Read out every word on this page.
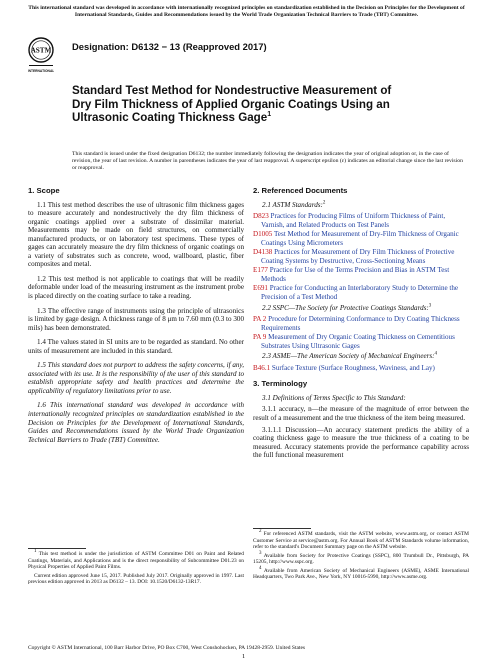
This international standard was developed in accordance with internationally recognized principles on standardization established in the Decision on Principles for the Development of International Standards, Guides and Recommendations issued by the World Trade Organization Technical Barriers to Trade (TBT) Committee.
ASTM
INTERNATIONAL
Designation: D6132 − 13 (Reapproved 2017)
Standard Test Method for Nondestructive Measurement of Dry Film Thickness of Applied Organic Coatings Using an Ultrasonic Coating Thickness Gage$^1$
This standard is issued under the fixed designation D6132; the number immediately following the designation indicates the year of original adoption or, in the case of revision, the year of last revision. A number in parentheses indicates the year of last reapproval. A superscript epsilon (ε) indicates an editorial change since the last revision or reapproval.
1. Scope

1.1 This test method describes the use of ultrasonic film thickness gages to measure accurately and nondestructively the dry film thickness of organic coatings applied over a substrate of dissimilar material. Measurements may be made on field structures, on commercially manufactured products, or on laboratory test specimens. These types of gages can accurately measure the dry film thickness of organic coatings on a variety of substrates such as concrete, wood, wallboard, plastic, fiber composites and metal.

1.2 This test method is not applicable to coatings that will be readily deformable under load of the measuring instrument as the instrument probe is placed directly on the coating surface to take a reading.

1.3 The effective range of instruments using the principle of ultrasonics is limited by gage design. A thickness range of 8 μm to 7.60 mm (0.3 to 300 mils) has been demonstrated.

1.4 The values stated in SI units are to be regarded as standard. No other units of measurement are included in this standard.

1.5 This standard does not purport to address the safety concerns, if any, associated with its use. It is the responsibility of the user of this standard to establish appropriate safety and health practices and determine the applicability of regulatory limitations prior to use.

1.6 This international standard was developed in accordance with internationally recognized principles on standardization established in the Decision on Principles for the Development of International Standards, Guides and Recommendations issued by the World Trade Organization Technical Barriers to Trade (TBT) Committee.

$^1$ This test method is under the jurisdiction of ASTM Committee D01 on Paint and Related Coatings, Materials, and Applications and is the direct responsibility of Subcommittee D01.23 on Physical Properties of Applied Paint Films.

Current edition approved June 15, 2017. Published July 2017. Originally approved in 1997. Last previous edition approved in 2013 as D6132 – 13. DOI: 10.1520/D6132-13R17.

2. Referenced Documents

2.1 ASTM Standards:$^2$

D823 Practices for Producing Films of Uniform Thickness of Paint, Varnish, and Related Products on Test Panels

D1005 Test Method for Measurement of Dry-Film Thickness of Organic Coatings Using Micrometers

D4138 Practices for Measurement of Dry Film Thickness of Protective Coating Systems by Destructive, Cross-Sectioning Means

E177 Practice for Use of the Terms Precision and Bias in ASTM Test Methods

E691 Practice for Conducting an Interlaboratory Study to Determine the Precision of a Test Method

2.2 SSPC—The Society for Protective Coatings Standards:$^3$

PA 2 Procedure for Determining Conformance to Dry Coating Thickness Requirements

PA 9 Measurement of Dry Organic Coating Thickness on Cementitious Substrates Using Ultrasonic Gages

2.3 ASME—The American Society of Mechanical Engineers:$^4$

B46.1 Surface Texture (Surface Roughness, Waviness, and Lay)

3. Terminology

3.1 Definitions of Terms Specific to This Standard:

3.1.1 accuracy, n—the measure of the magnitude of error between the result of a measurement and the true thickness of the item being measured.

3.1.1.1 Discussion—An accuracy statement predicts the ability of a coating thickness gage to measure the true thickness of a coating to be measured. Accuracy statements provide the performance capability across the full functional measurement

$^2$ For referenced ASTM standards, visit the ASTM website, www.astm.org, or contact ASTM Customer Service at service@astm.org. For Annual Book of ASTM Standards volume information, refer to the standard's Document Summary page on the ASTM website.

$^3$ Available from Society for Protective Coatings (SSPC), 800 Trumbull Dr., Pittsburgh, PA 15205, http://www.sspc.org.

$^4$ Available from American Society of Mechanical Engineers (ASME), ASME International Headquarters, Two Park Ave., New York, NY 10016-5990, http://www.asme.org.

Copyright © ASTM International, 100 Barr Harbor Drive, PO Box C700, West Conshohocken, PA 19428-2959. United States
1
